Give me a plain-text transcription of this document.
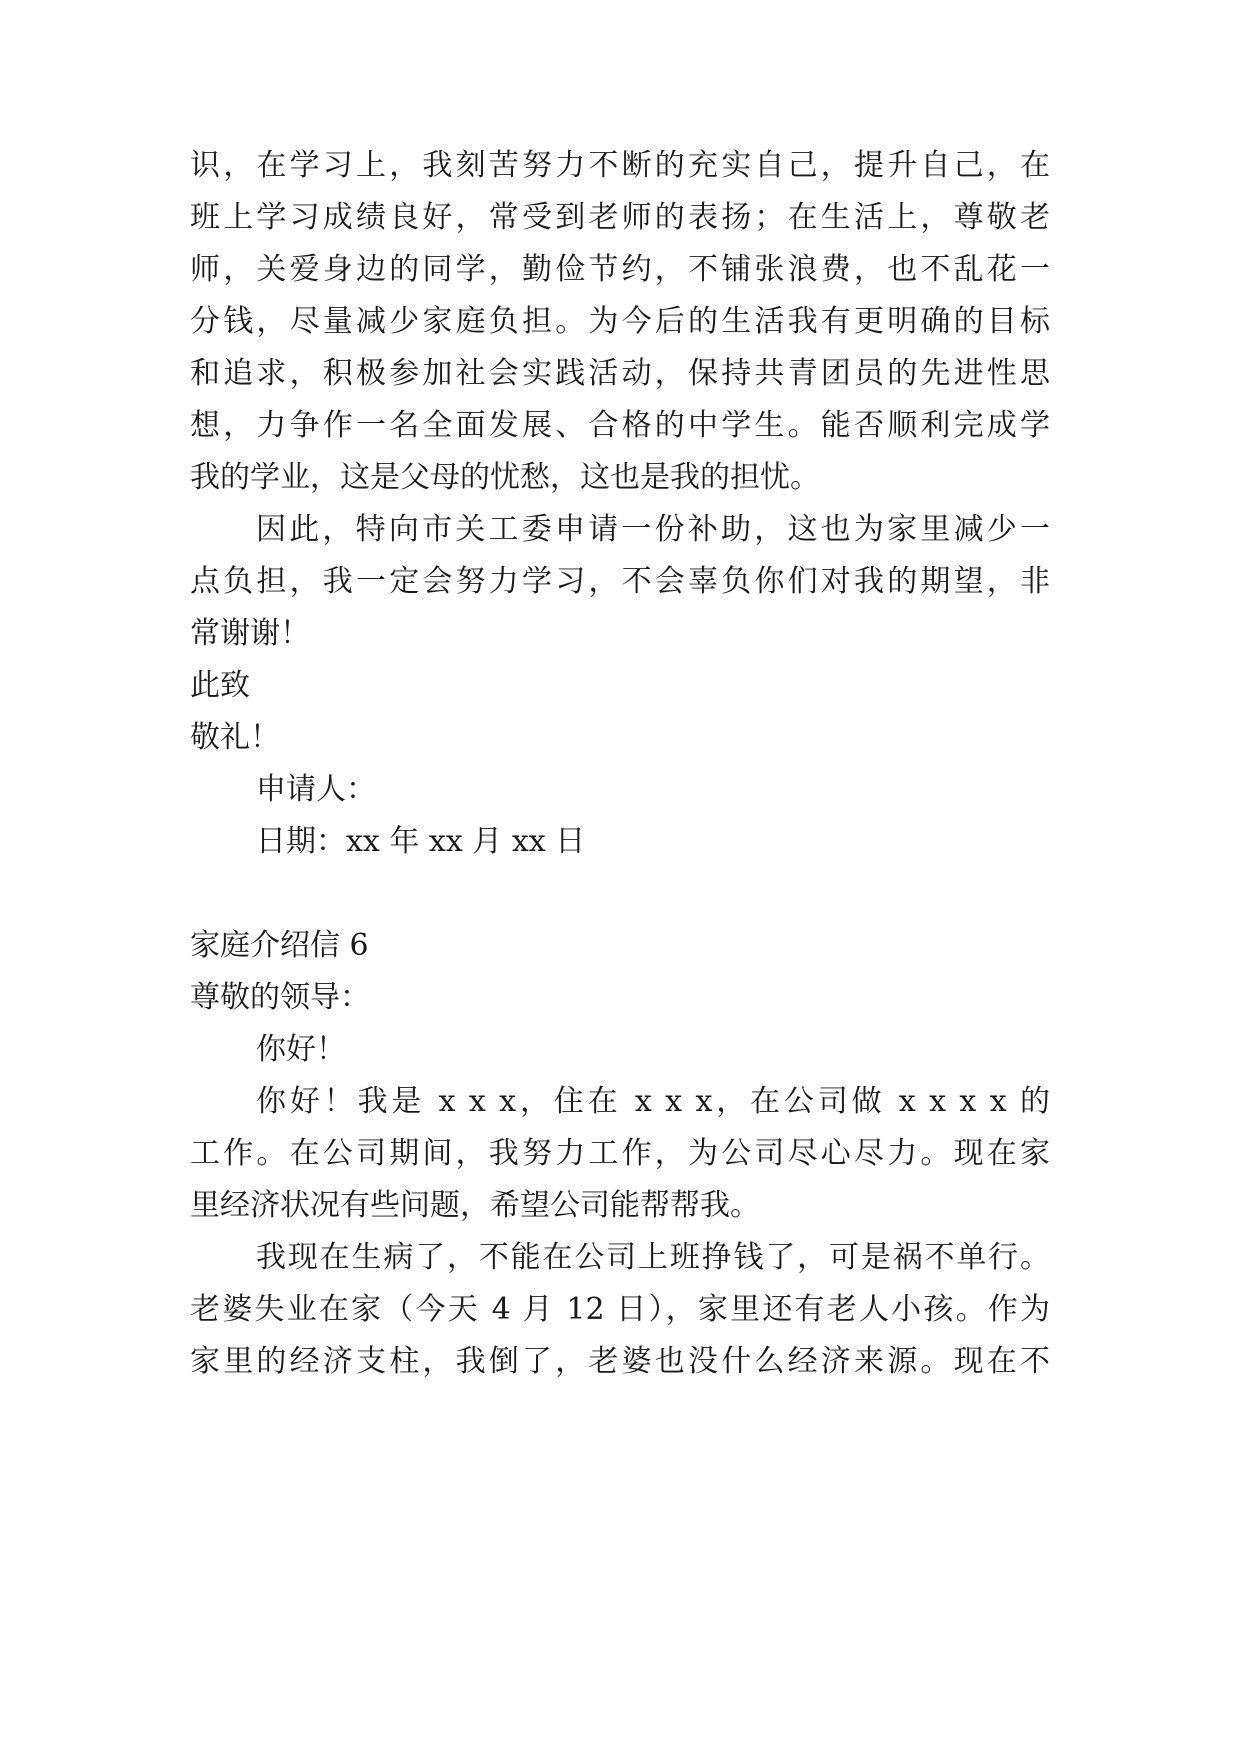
识，在学习上，我刻苦努力不断的充实自己，提升自己，在
班上学习成绩良好，常受到老师的表扬；在生活上，尊敬老
师，关爱身边的同学，勤俭节约，不铺张浪费，也不乱花一
分钱，尽量减少家庭负担。为今后的生活我有更明确的目标
和追求，积极参加社会实践活动，保持共青团员的先进性思
想，力争作一名全面发展、合格的中学生。能否顺利完成学
我的学业，这是父母的忧愁，这也是我的担忧。
因此，特向市关工委申请一份补助，这也为家里减少一
点负担，我一定会努力学习，不会辜负你们对我的期望，非
常谢谢！
此致
敬礼！
申请人：
日期：xx 年 xx 月 xx 日
家庭介绍信 6
尊敬的领导：
你好！
你好！我是 x x x，住在 x x x，在公司做 x x x x 的
工作。在公司期间，我努力工作，为公司尽心尽力。现在家
里经济状况有些问题，希望公司能帮帮我。
我现在生病了，不能在公司上班挣钱了，可是祸不单行。
老婆失业在家（今天 4 月 12 日），家里还有老人小孩。作为
家里的经济支柱，我倒了，老婆也没什么经济来源。现在不
